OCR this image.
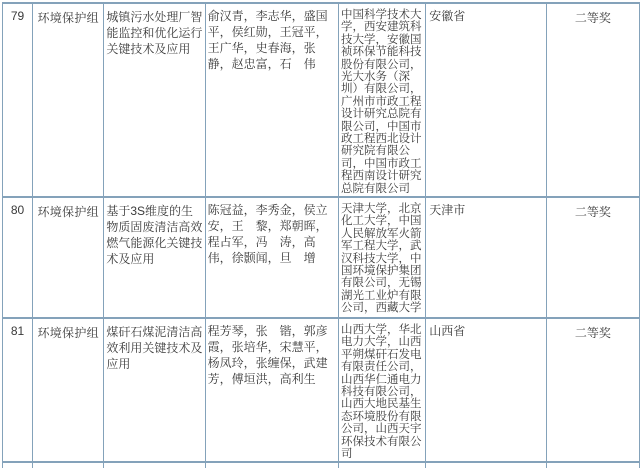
79	环境保护组	城镇污水处理厂智能监控和优化运行关键技术及应用	俞汉青，李志华，盛国平，侯红勋，王冠平，王广华，史春海，张　静，赵忠富，石　伟	中国科学技术大学，西安建筑科技大学，安徽国祯环保节能科技股份有限公司，光大水务（深圳）有限公司，广州市市政工程设计研究总院有限公司，中国市政工程西北设计研究院有限公司，中国市政工程西南设计研究总院有限公司	安徽省	二等奖
80	环境保护组	基于3S维度的生物质固废清洁高效燃气能源化关键技术及应用	陈冠益，李秀金，侯立安，王　黎，郑朝晖，程占军，冯　涛，高　伟，徐颢闻，旦　增	天津大学，北京化工大学，中国人民解放军火箭军工程大学，武汉科技大学，中国环境保护集团有限公司，无锡湖光工业炉有限公司，西藏大学	天津市	二等奖
81	环境保护组	煤矸石煤泥清洁高效利用关键技术及应用	程芳琴，张　锴，郭彦霞，张培华，宋慧平，杨凤玲，张缠保，武建芳，傅垣洪，高利生	山西大学，华北电力大学，山西平朔煤矸石发电有限责任公司，山西华仁通电力科技有限公司，山西大地民基生态环境股份有限公司，山西天宇环保技术有限公司	山西省	二等奖
